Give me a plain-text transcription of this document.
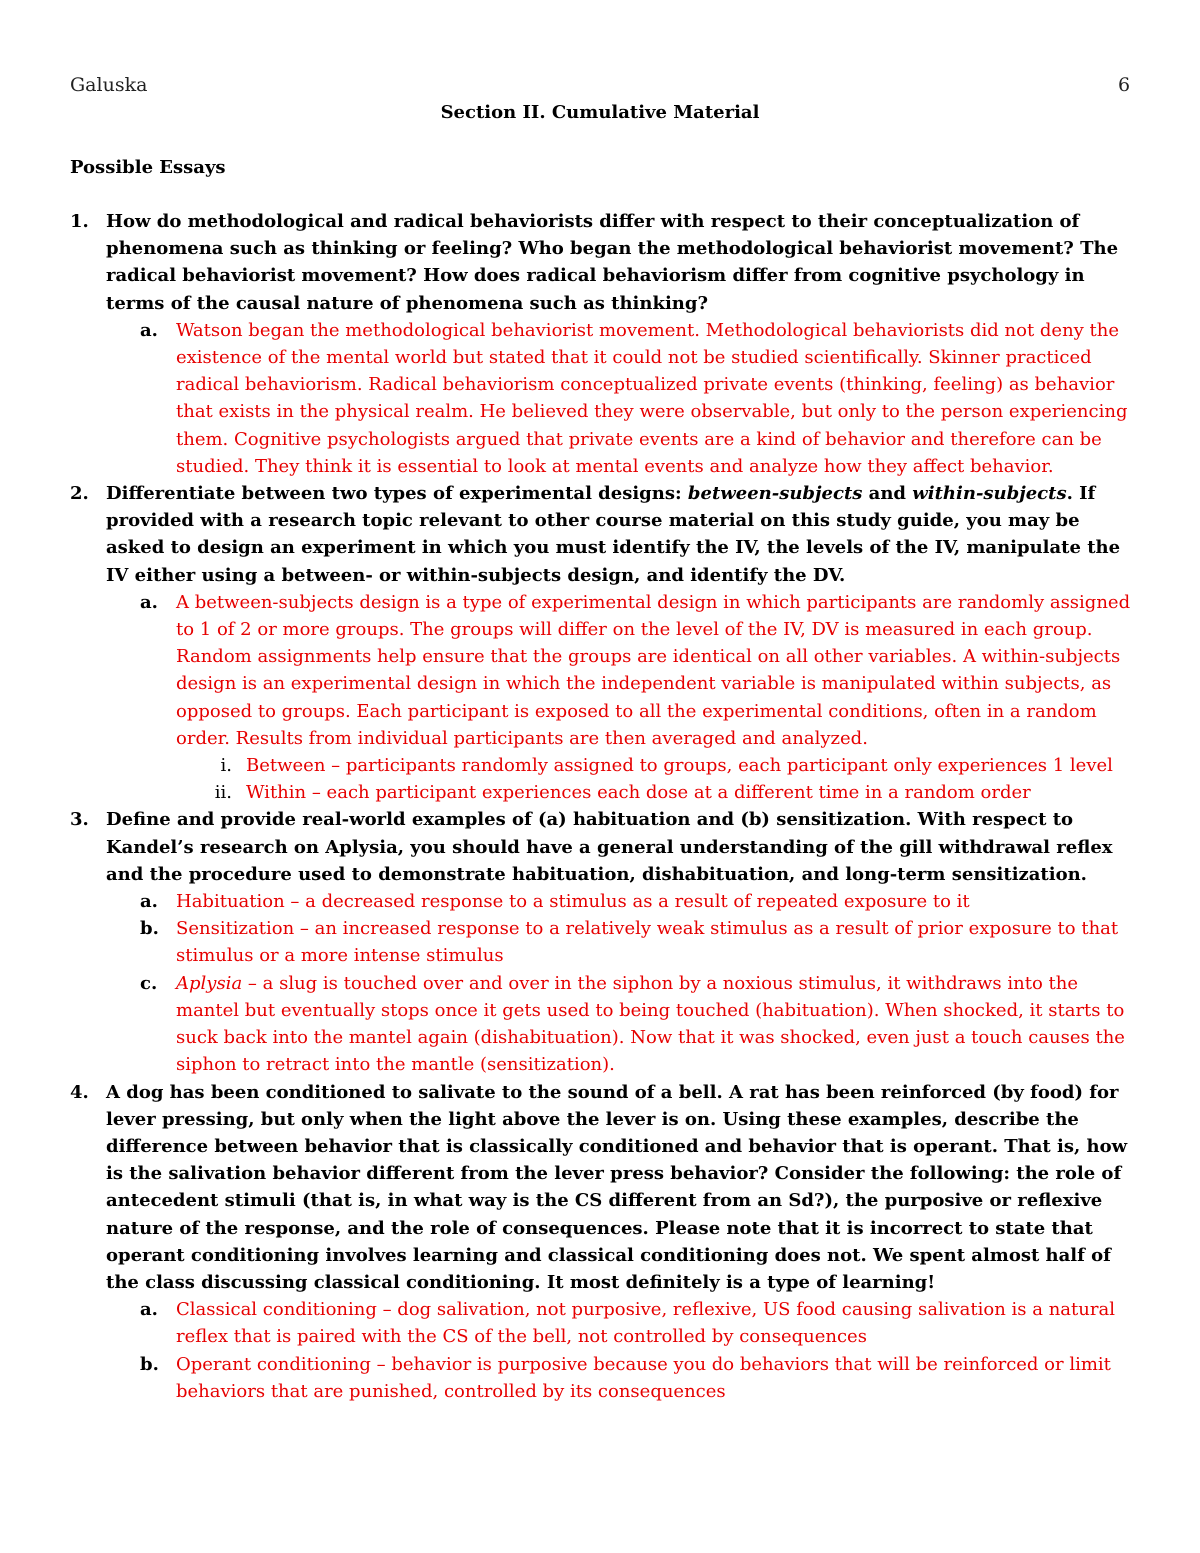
Galuska	6
Section II. Cumulative Material
Possible Essays
1. How do methodological and radical behaviorists differ with respect to their conceptualization of phenomena such as thinking or feeling? Who began the methodological behaviorist movement? The radical behaviorist movement? How does radical behaviorism differ from cognitive psychology in terms of the causal nature of phenomena such as thinking?
a. Watson began the methodological behaviorist movement. Methodological behaviorists did not deny the existence of the mental world but stated that it could not be studied scientifically. Skinner practiced radical behaviorism. Radical behaviorism conceptualized private events (thinking, feeling) as behavior that exists in the physical realm. He believed they were observable, but only to the person experiencing them. Cognitive psychologists argued that private events are a kind of behavior and therefore can be studied. They think it is essential to look at mental events and analyze how they affect behavior.
2. Differentiate between two types of experimental designs: between-subjects and within-subjects. If provided with a research topic relevant to other course material on this study guide, you may be asked to design an experiment in which you must identify the IV, the levels of the IV, manipulate the IV either using a between- or within-subjects design, and identify the DV.
a. A between-subjects design is a type of experimental design in which participants are randomly assigned to 1 of 2 or more groups. The groups will differ on the level of the IV, DV is measured in each group. Random assignments help ensure that the groups are identical on all other variables. A within-subjects design is an experimental design in which the independent variable is manipulated within subjects, as opposed to groups. Each participant is exposed to all the experimental conditions, often in a random order. Results from individual participants are then averaged and analyzed.
i. Between – participants randomly assigned to groups, each participant only experiences 1 level
ii. Within – each participant experiences each dose at a different time in a random order
3. Define and provide real-world examples of (a) habituation and (b) sensitization. With respect to Kandel’s research on Aplysia, you should have a general understanding of the gill withdrawal reflex and the procedure used to demonstrate habituation, dishabituation, and long-term sensitization.
a. Habituation – a decreased response to a stimulus as a result of repeated exposure to it
b. Sensitization – an increased response to a relatively weak stimulus as a result of prior exposure to that stimulus or a more intense stimulus
c. Aplysia – a slug is touched over and over in the siphon by a noxious stimulus, it withdraws into the mantel but eventually stops once it gets used to being touched (habituation). When shocked, it starts to suck back into the mantel again (dishabituation). Now that it was shocked, even just a touch causes the siphon to retract into the mantle (sensitization).
4. A dog has been conditioned to salivate to the sound of a bell. A rat has been reinforced (by food) for lever pressing, but only when the light above the lever is on. Using these examples, describe the difference between behavior that is classically conditioned and behavior that is operant. That is, how is the salivation behavior different from the lever press behavior? Consider the following: the role of antecedent stimuli (that is, in what way is the CS different from an Sd?), the purposive or reflexive nature of the response, and the role of consequences. Please note that it is incorrect to state that operant conditioning involves learning and classical conditioning does not. We spent almost half of the class discussing classical conditioning. It most definitely is a type of learning!
a. Classical conditioning – dog salivation, not purposive, reflexive, US food causing salivation is a natural reflex that is paired with the CS of the bell, not controlled by consequences
b. Operant conditioning – behavior is purposive because you do behaviors that will be reinforced or limit behaviors that are punished, controlled by its consequences
